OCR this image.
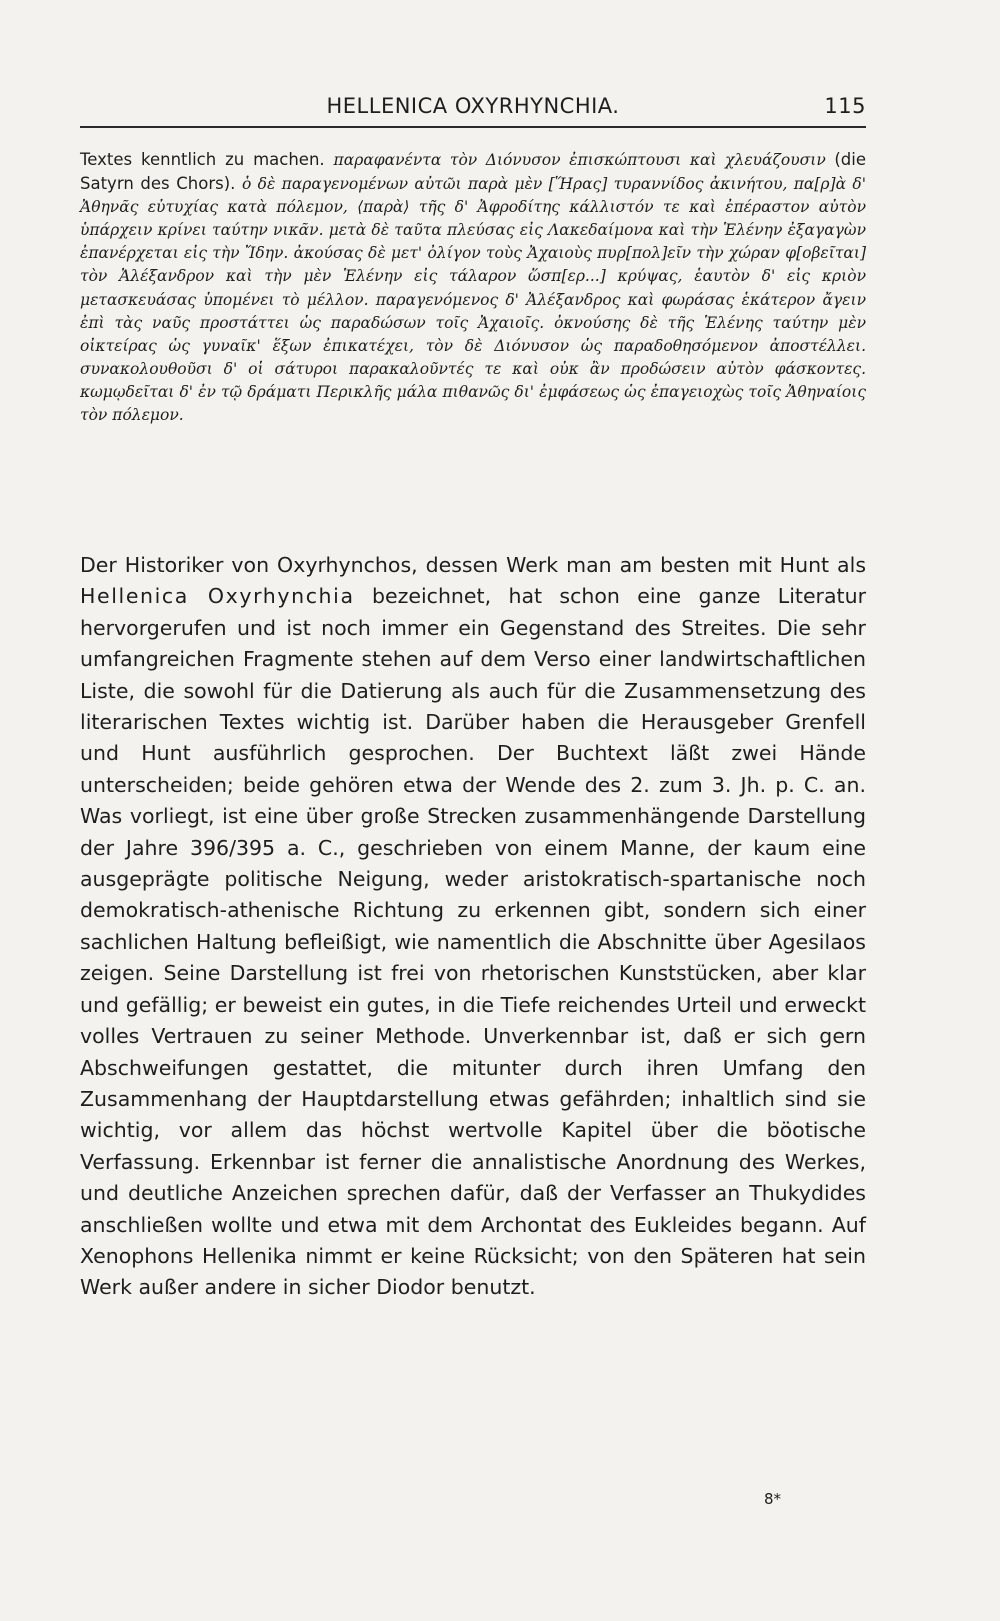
HELLENICA OXYRHYNCHIA.	115
Textes kenntlich zu machen. παραφανέντα τὸν Διόνυσον ἐπισκώπτουσι καὶ χλευάζουσιν (die Satyrn des Chors). ὁ δὲ παραγενομένων αὐτῶι παρὰ μὲν [Ἥρας] τυραννίδος ἀκινήτου, πα[ρ]ὰ δ' Ἀθηνᾶς εὐτυχίας κατὰ πόλεμον, ⟨παρὰ⟩ τῆς δ' Ἀφροδίτης κάλλιστόν τε καὶ ἐπέραστον αὐτὸν ὑπάρχειν κρίνει ταύτην νικᾶν. μετὰ δὲ ταῦτα πλεύσας εἰς Λακεδαίμονα καὶ τὴν Ἑλένην ἐξαγαγὼν ἐπανέρχεται εἰς τὴν Ἴδην. ἀκούσας δὲ μετ' ὀλίγον τοὺς Ἀχαιοὺς πυρ[πολ]εῖν τὴν χώραν φ[οβεῖται] τὸν Ἀλέξανδρον καὶ τὴν μὲν Ἑλένην εἰς τάλαρον ὥσπ[ερ...] κρύψας, ἑαυτὸν δ' εἰς κριὸν μετασκευάσας ὑπομένει τὸ μέλλον. παραγενόμενος δ' Ἀλέξανδρος καὶ φωράσας ἑκάτερον ἄγειν ἐπὶ τὰς ναῦς προστάττει ὡς παραδώσων τοῖς Ἀχαιοῖς. ὀκνούσης δὲ τῆς Ἑλένης ταύτην μὲν οἰκτείρας ὡς γυναῖκ' ἕξων ἐπικατέχει, τὸν δὲ Διόνυσον ὡς παραδοθησόμενον ἀποστέλλει. συνακολουθοῦσι δ' οἱ σάτυροι παρακαλοῦντές τε καὶ οὐκ ἂν προδώσειν αὐτὸν φάσκοντες. κωμῳδεῖται δ' ἐν τῷ δράματι Περικλῆς μάλα πιθανῶς δι' ἐμφάσεως ὡς ἐπαγειοχὼς τοῖς Ἀθηναίοις τὸν πόλεμον.
Der Historiker von Oxyrhynchos, dessen Werk man am besten mit Hunt als Hellenica Oxyrhynchia bezeichnet, hat schon eine ganze Literatur hervorgerufen und ist noch immer ein Gegenstand des Streites. Die sehr umfangreichen Fragmente stehen auf dem Verso einer landwirtschaftlichen Liste, die sowohl für die Datierung als auch für die Zusammensetzung des literarischen Textes wichtig ist. Darüber haben die Herausgeber Grenfell und Hunt ausführlich gesprochen. Der Buchtext läßt zwei Hände unterscheiden; beide gehören etwa der Wende des 2. zum 3. Jh. p. C. an. Was vorliegt, ist eine über große Strecken zusammenhängende Darstellung der Jahre 396/395 a. C., geschrieben von einem Manne, der kaum eine ausgeprägte politische Neigung, weder aristokratisch-spartanische noch demokratisch-athenische Richtung zu erkennen gibt, sondern sich einer sachlichen Haltung befleißigt, wie namentlich die Abschnitte über Agesilaos zeigen. Seine Darstellung ist frei von rhetorischen Kunststücken, aber klar und gefällig; er beweist ein gutes, in die Tiefe reichendes Urteil und erweckt volles Vertrauen zu seiner Methode. Unverkennbar ist, daß er sich gern Abschweifungen gestattet, die mitunter durch ihren Umfang den Zusammenhang der Hauptdarstellung etwas gefährden; inhaltlich sind sie wichtig, vor allem das höchst wertvolle Kapitel über die böotische Verfassung. Erkennbar ist ferner die annalistische Anordnung des Werkes, und deutliche Anzeichen sprechen dafür, daß der Verfasser an Thukydides anschließen wollte und etwa mit dem Archontat des Eukleides begann. Auf Xenophons Hellenika nimmt er keine Rücksicht; von den Späteren hat sein Werk außer andere in sicher Diodor benutzt.
8*
